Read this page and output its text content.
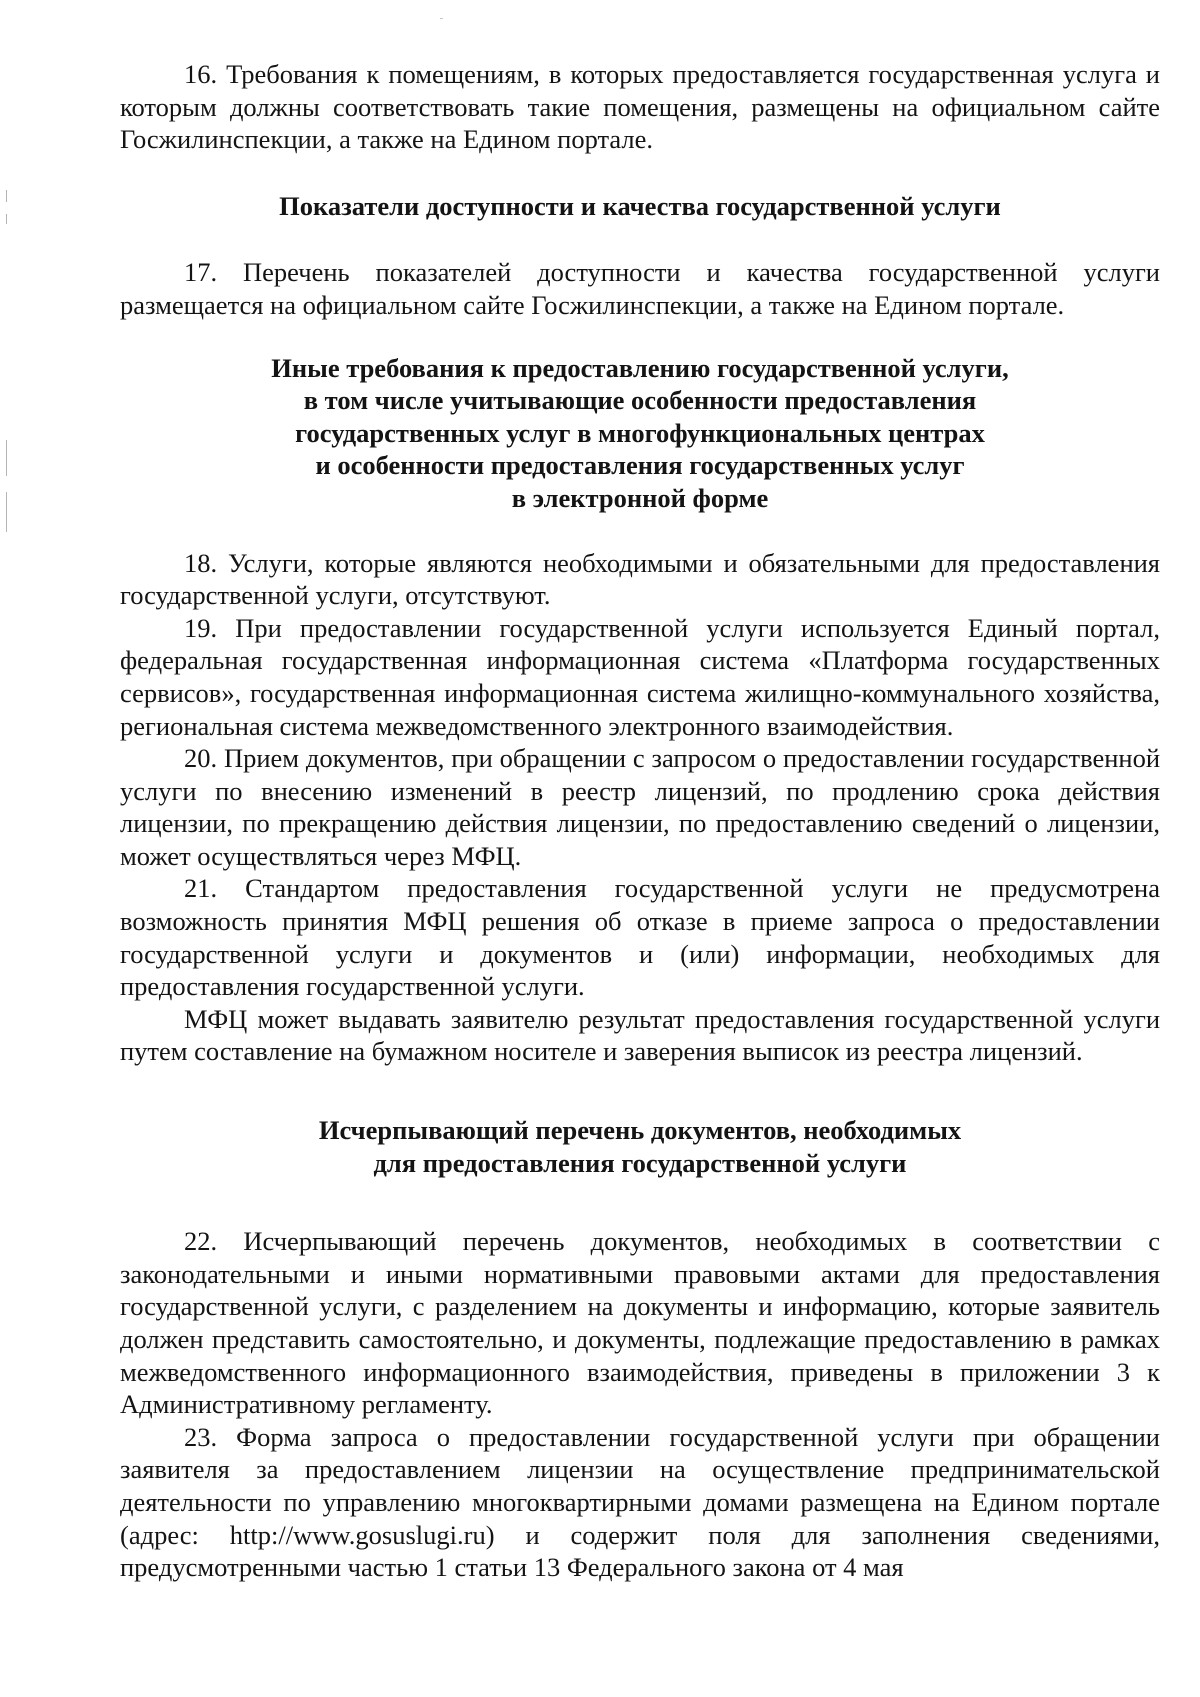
16. Требования к помещениям, в которых предоставляется государственная услуга и которым должны соответствовать такие помещения, размещены на официальном сайте Госжилинспекции, а также на Едином портале.

Показатели доступности и качества государственной услуги

17. Перечень показателей доступности и качества государственной услуги размещается на официальном сайте Госжилинспекции, а также на Едином портале.

Иные требования к предоставлению государственной услуги,
в том числе учитывающие особенности предоставления
государственных услуг в многофункциональных центрах
и особенности предоставления государственных услуг
в электронной форме

18. Услуги, которые являются необходимыми и обязательными для предоставления государственной услуги, отсутствуют.

19. При предоставлении государственной услуги используется Единый портал, федеральная государственная информационная система «Платформа государственных сервисов», государственная информационная система жилищно-коммунального хозяйства, региональная система межведомственного электронного взаимодействия.

20. Прием документов, при обращении с запросом о предоставлении государственной услуги по внесению изменений в реестр лицензий, по продлению срока действия лицензии, по прекращению действия лицензии, по предоставлению сведений о лицензии, может осуществляться через МФЦ.

21. Стандартом предоставления государственной услуги не предусмотрена возможность принятия МФЦ решения об отказе в приеме запроса о предоставлении государственной услуги и документов и (или) информации, необходимых для предоставления государственной услуги.

МФЦ может выдавать заявителю результат предоставления государственной услуги путем составление на бумажном носителе и заверения выписок из реестра лицензий.

Исчерпывающий перечень документов, необходимых
для предоставления государственной услуги

22. Исчерпывающий перечень документов, необходимых в соответствии с законодательными и иными нормативными правовыми актами для предоставления государственной услуги, с разделением на документы и информацию, которые заявитель должен представить самостоятельно, и документы, подлежащие предоставлению в рамках межведомственного информационного взаимодействия, приведены в приложении 3 к Административному регламенту.

23. Форма запроса о предоставлении государственной услуги при обращении заявителя за предоставлением лицензии на осуществление предпринимательской деятельности по управлению многоквартирными домами размещена на Едином портале (адрес: http://www.gosuslugi.ru) и содержит поля для заполнения сведениями, предусмотренными частью 1 статьи 13 Федерального закона от 4 мая
